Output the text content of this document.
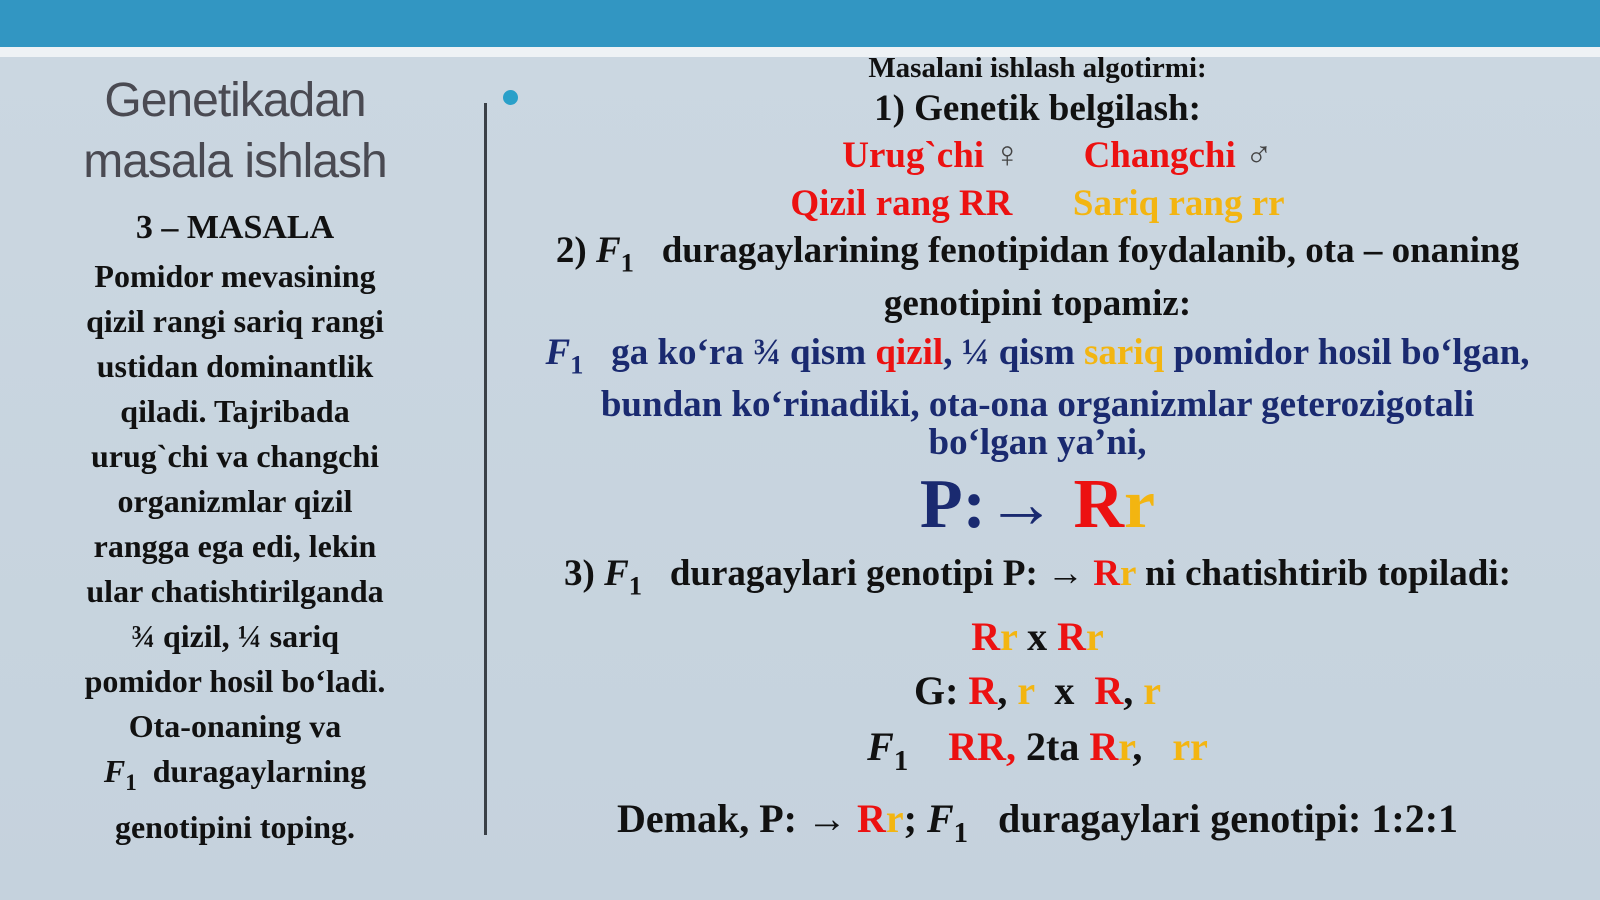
Genetikadan
masala ishlash
3 – MASALA
Pomidor mevasining
qizil rangi sariq rangi
ustidan dominantlik
qiladi. Tajribada
urug`chi va changchi
organizmlar qizil
rangga ega edi, lekin
ular chatishtirilganda
¾ qizil, ¼ sariq
pomidor hosil bo‘ladi.
Ota-onaning va
$F_1$ duragaylarning
genotipini toping.
Masalani ishlash algotirmi:
1) Genetik belgilash:
Urug`chi ♀ Changchi ♂
Qizil rang RR Sariq rang rr
2) $F_1$ duragaylarining fenotipidan foydalanib, ota – onaning
genotipini topamiz:
$F_1$ ga ko‘ra ¾ qism qizil, ¼ qism sariq pomidor hosil bo‘lgan,
bundan ko‘rinadiki, ota-ona organizmlar geterozigotali
bo‘lgan ya’ni,
P:→ Rr
3) $F_1$ duragaylari genotipi P: → Rr ni chatishtirib topiladi:
Rr x Rr
G: R, r x R, r
$F_1$ RR, 2ta Rr, rr
Demak, P: → Rr; $F_1$ duragaylari genotipi: 1:2:1
